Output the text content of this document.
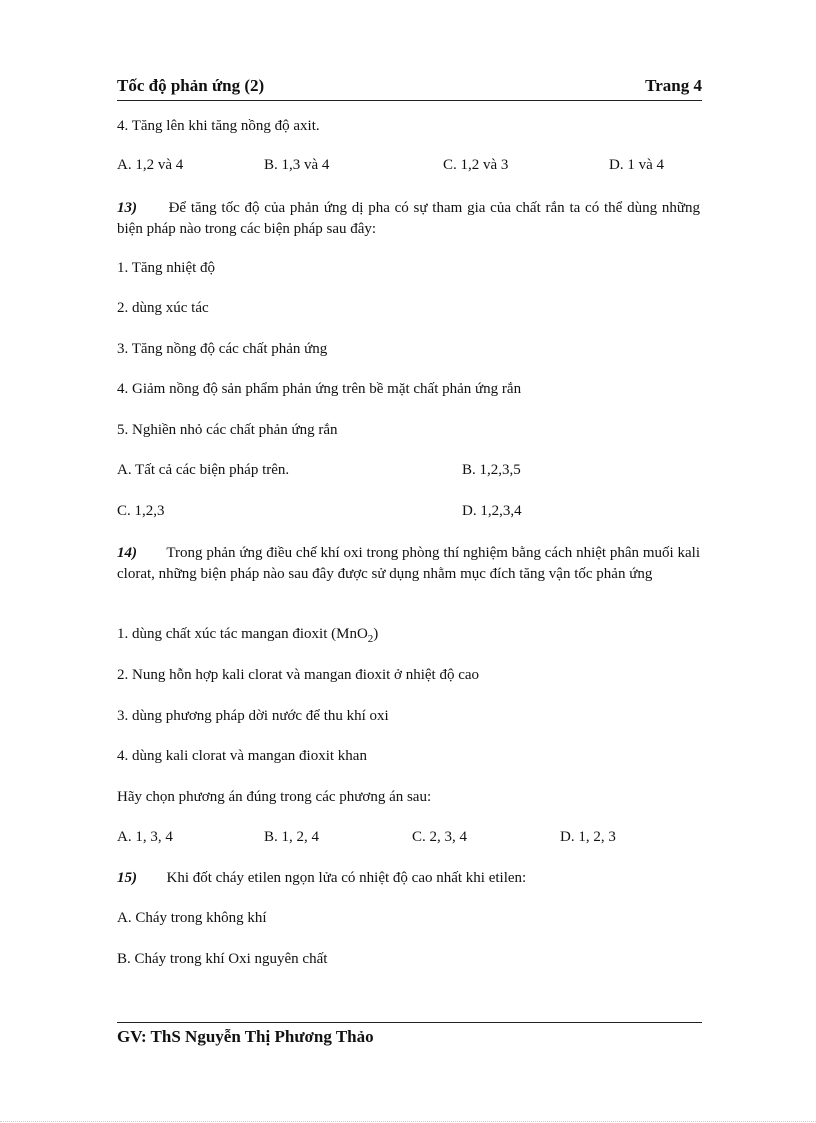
Tốc độ phản ứng (2)	Trang 4
4. Tăng lên khi tăng nồng độ axit.
A. 1,2 và 4	B. 1,3 và 4	C. 1,2 và 3	D. 1 và 4
13) Để tăng tốc độ của phản ứng dị pha có sự tham gia của chất rắn ta có thể dùng những biện pháp nào trong các biện pháp sau đây:
1. Tăng nhiệt độ
2. dùng xúc tác
3. Tăng nồng độ các chất phản ứng
4. Giảm nồng độ sản phẩm phản ứng trên bề mặt chất phản ứng rắn
5. Nghiền nhỏ các chất phản ứng rắn
A. Tất cả các biện pháp trên.	B. 1,2,3,5
C. 1,2,3	D. 1,2,3,4
14) Trong phản ứng điều chế khí oxi trong phòng thí nghiệm bằng cách nhiệt phân muối kali clorat, những biện pháp nào sau đây được sử dụng nhằm mục đích tăng vận tốc phản ứng
1. dùng chất xúc tác mangan đioxit (MnO$_2$)
2. Nung hỗn hợp kali clorat và mangan đioxit ở nhiệt độ cao
3. dùng phương pháp dời nước để thu khí oxi
4. dùng kali clorat và mangan đioxit khan
Hãy chọn phương án đúng trong các phương án sau:
A. 1, 3, 4	B. 1, 2, 4	C. 2, 3, 4	D. 1, 2, 3
15) Khi đốt cháy etilen ngọn lửa có nhiệt độ cao nhất khi etilen:
A. Cháy trong không khí
B. Cháy trong khí Oxi nguyên chất
GV: ThS Nguyễn Thị Phương Thảo
